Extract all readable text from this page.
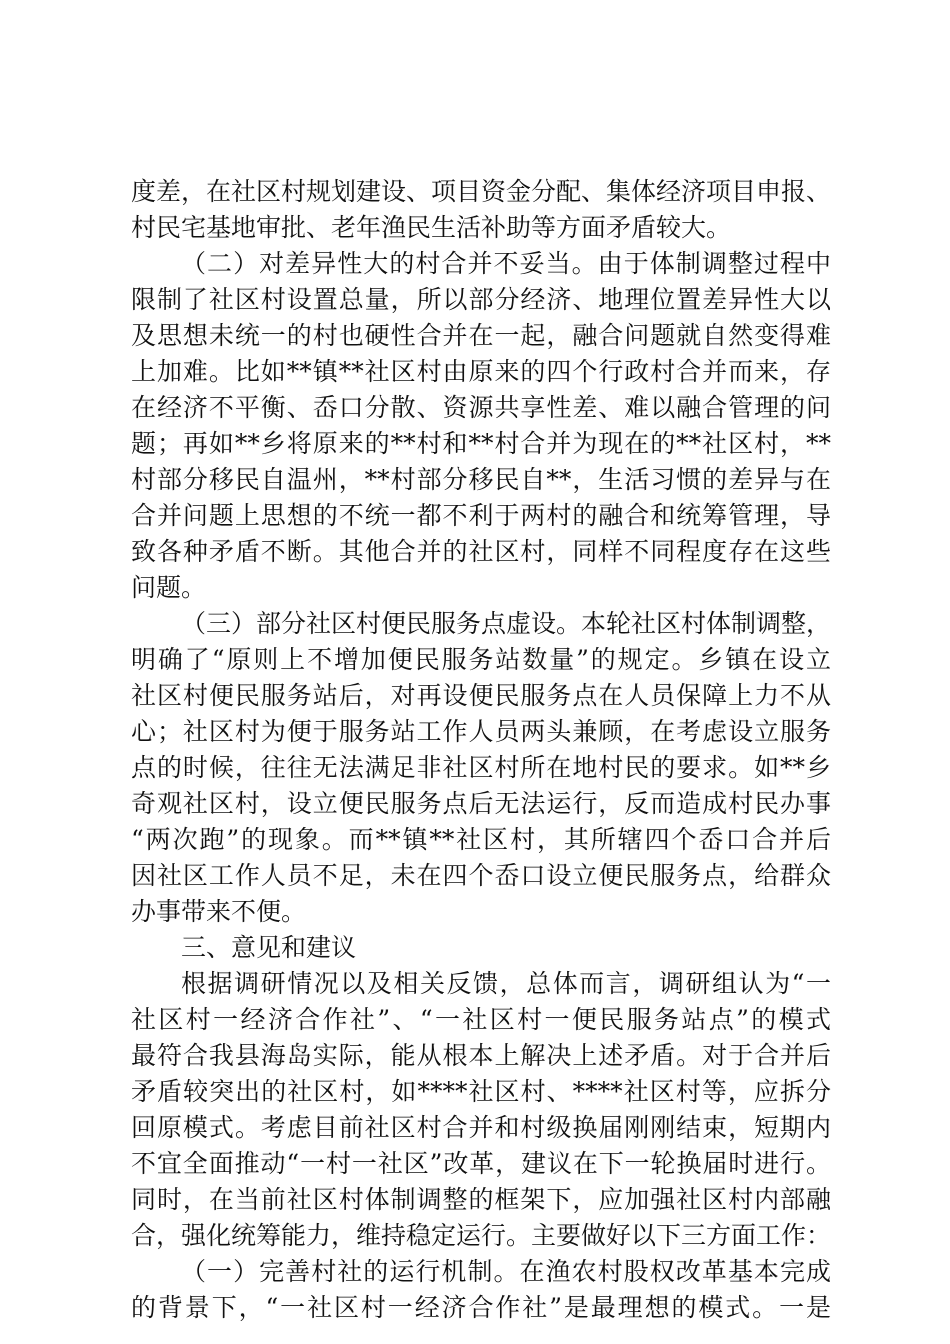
度差，在社区村规划建设、项目资金分配、集体经济项目申报、
村民宅基地审批、老年渔民生活补助等方面矛盾较大。
（二）对差异性大的村合并不妥当。由于体制调整过程中
限制了社区村设置总量，所以部分经济、地理位置差异性大以
及思想未统一的村也硬性合并在一起，融合问题就自然变得难
上加难。比如**镇**社区村由原来的四个行政村合并而来，存
在经济不平衡、岙口分散、资源共享性差、难以融合管理的问
题；再如**乡将原来的**村和**村合并为现在的**社区村，**
村部分移民自温州，**村部分移民自**，生活习惯的差异与在
合并问题上思想的不统一都不利于两村的融合和统筹管理，导
致各种矛盾不断。其他合并的社区村，同样不同程度存在这些
问题。
（三）部分社区村便民服务点虚设。本轮社区村体制调整，
明确了“原则上不增加便民服务站数量”的规定。乡镇在设立
社区村便民服务站后，对再设便民服务点在人员保障上力不从
心；社区村为便于服务站工作人员两头兼顾，在考虑设立服务
点的时候，往往无法满足非社区村所在地村民的要求。如**乡
奇观社区村，设立便民服务点后无法运行，反而造成村民办事
“两次跑”的现象。而**镇**社区村，其所辖四个岙口合并后
因社区工作人员不足，未在四个岙口设立便民服务点，给群众
办事带来不便。
三、意见和建议
根据调研情况以及相关反馈，总体而言，调研组认为“一
社区村一经济合作社”、“一社区村一便民服务站点”的模式
最符合我县海岛实际，能从根本上解决上述矛盾。对于合并后
矛盾较突出的社区村，如****社区村、****社区村等，应拆分
回原模式。考虑目前社区村合并和村级换届刚刚结束，短期内
不宜全面推动“一村一社区”改革，建议在下一轮换届时进行。
同时，在当前社区村体制调整的框架下，应加强社区村内部融
合，强化统筹能力，维持稳定运行。主要做好以下三方面工作：
（一）完善村社的运行机制。在渔农村股权改革基本完成
的背景下，“一社区村一经济合作社”是最理想的模式。一是
